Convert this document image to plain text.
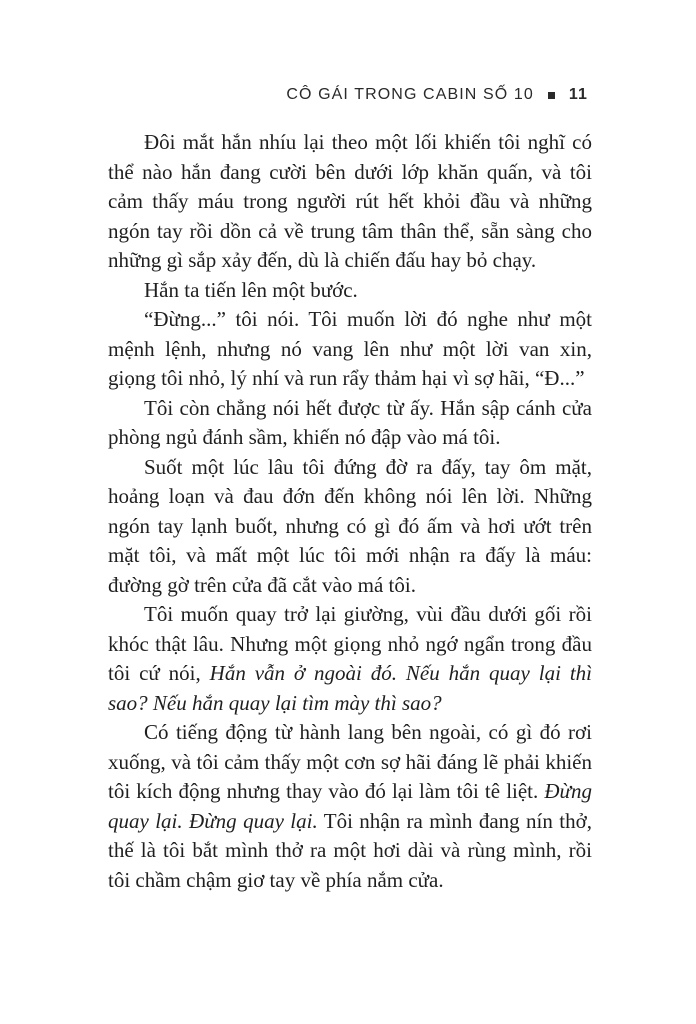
CÔ GÁI TRONG CABIN SỐ 10 11

Đôi mắt hắn nhíu lại theo một lối khiến tôi nghĩ có thể nào hắn đang cười bên dưới lớp khăn quấn, và tôi cảm thấy máu trong người rút hết khỏi đầu và những ngón tay rồi dồn cả về trung tâm thân thể, sẵn sàng cho những gì sắp xảy đến, dù là chiến đấu hay bỏ chạy.

Hắn ta tiến lên một bước.

“Đừng...” tôi nói. Tôi muốn lời đó nghe như một mệnh lệnh, nhưng nó vang lên như một lời van xin, giọng tôi nhỏ, lý nhí và run rẩy thảm hại vì sợ hãi, “Đ...”

Tôi còn chẳng nói hết được từ ấy. Hắn sập cánh cửa phòng ngủ đánh sầm, khiến nó đập vào má tôi.

Suốt một lúc lâu tôi đứng đờ ra đấy, tay ôm mặt, hoảng loạn và đau đớn đến không nói lên lời. Những ngón tay lạnh buốt, nhưng có gì đó ấm và hơi ướt trên mặt tôi, và mất một lúc tôi mới nhận ra đấy là máu: đường gờ trên cửa đã cắt vào má tôi.

Tôi muốn quay trở lại giường, vùi đầu dưới gối rồi khóc thật lâu. Nhưng một giọng nhỏ ngớ ngẩn trong đầu tôi cứ nói, Hắn vẫn ở ngoài đó. Nếu hắn quay lại thì sao? Nếu hắn quay lại tìm mày thì sao?

Có tiếng động từ hành lang bên ngoài, có gì đó rơi xuống, và tôi cảm thấy một cơn sợ hãi đáng lẽ phải khiến tôi kích động nhưng thay vào đó lại làm tôi tê liệt. Đừng quay lại. Đừng quay lại. Tôi nhận ra mình đang nín thở, thế là tôi bắt mình thở ra một hơi dài và rùng mình, rồi tôi chầm chậm giơ tay về phía nắm cửa.
